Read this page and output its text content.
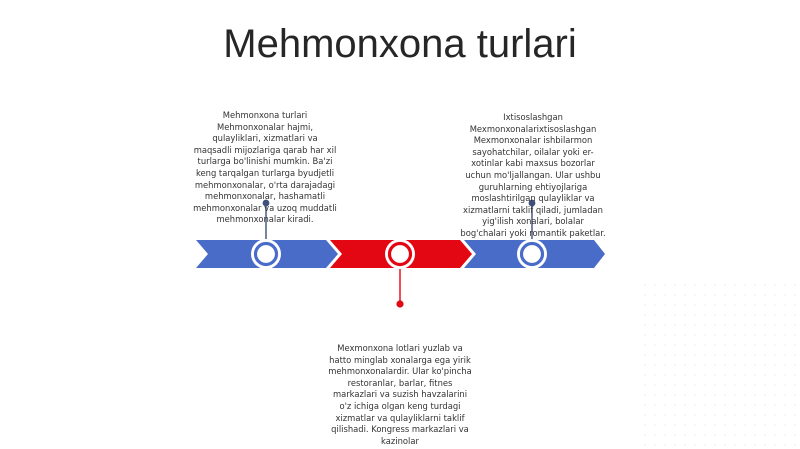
Mehmonxona turlari
Mehmonxona turlari
Mehmonxonalar hajmi, qulayliklari, xizmatlari va maqsadli mijozlariga qarab har xil turlarga bo'linishi mumkin. Ba'zi keng tarqalgan turlarga byudjetli mehmonxonalar, o'rta darajadagi mehmonxonalar, hashamatli mehmonxonalar va uzoq muddatli mehmonxonalar kiradi.
Ixtisoslashgan
Mexmonxonalarixtisoslashgan Mexmonxonalar ishbilarmon sayohatchilar, oilalar yoki er-xotinlar kabi maxsus bozorlar uchun mo'ljallangan. Ular ushbu guruhlarning ehtiyojlariga moslashtirilgan qulayliklar va xizmatlarni taklif qiladi, jumladan yig'ilish xonalari, bolalar bog'chalari yoki romantik paketlar.
Mexmonxona lotlari yuzlab va hatto minglab xonalarga ega yirik mehmonxonalardir. Ular ko'pincha restoranlar, barlar, fitnes markazlari va suzish havzalarini o'z ichiga olgan keng turdagi xizmatlar va qulayliklarni taklif qilishadi. Kongress markazlari va kazinolar
